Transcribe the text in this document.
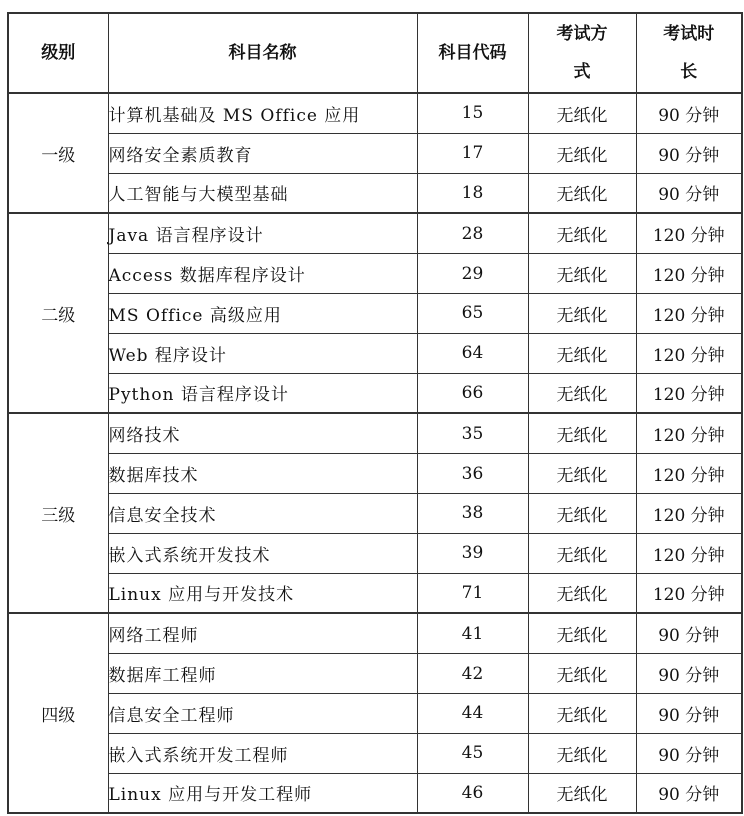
级别	科目名称	科目代码	考试方式	考试时长
一级	计算机基础及 MS Office 应用	15	无纸化	90 分钟
	网络安全素质教育	17	无纸化	90 分钟
	人工智能与大模型基础	18	无纸化	90 分钟
二级	Java 语言程序设计	28	无纸化	120 分钟
	Access 数据库程序设计	29	无纸化	120 分钟
	MS Office 高级应用	65	无纸化	120 分钟
	Web 程序设计	64	无纸化	120 分钟
	Python 语言程序设计	66	无纸化	120 分钟
三级	网络技术	35	无纸化	120 分钟
	数据库技术	36	无纸化	120 分钟
	信息安全技术	38	无纸化	120 分钟
	嵌入式系统开发技术	39	无纸化	120 分钟
	Linux 应用与开发技术	71	无纸化	120 分钟
四级	网络工程师	41	无纸化	90 分钟
	数据库工程师	42	无纸化	90 分钟
	信息安全工程师	44	无纸化	90 分钟
	嵌入式系统开发工程师	45	无纸化	90 分钟
	Linux 应用与开发工程师	46	无纸化	90 分钟
